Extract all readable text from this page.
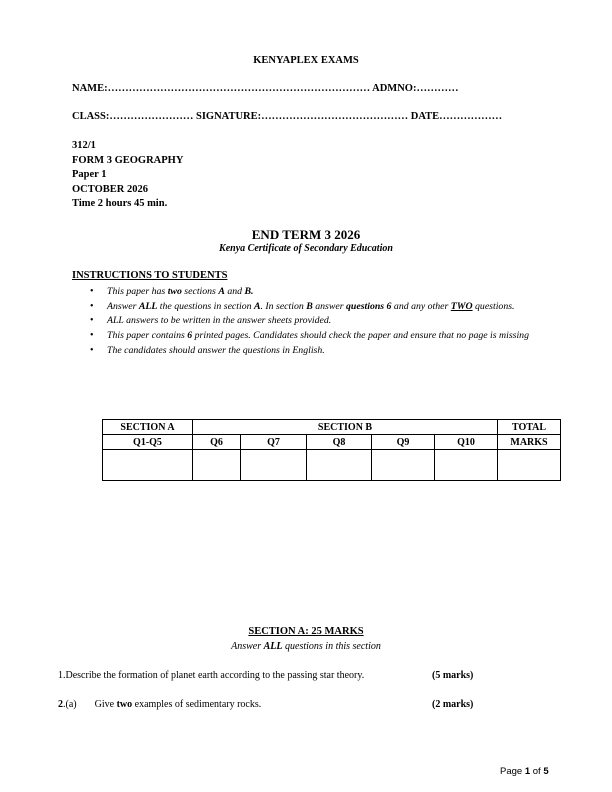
KENYAPLEX EXAMS
NAME:………………………………………………………………… ADMNO:…………
CLASS:…………………… SIGNATURE:…………………………………… DATE………………
312/1
FORM 3 GEOGRAPHY
Paper 1
OCTOBER 2026
Time 2 hours 45 min.
END TERM 3 2026
Kenya Certificate of Secondary Education
INSTRUCTIONS TO STUDENTS
• This paper has two sections A and B.
• Answer ALL the questions in section A. In section B answer questions 6 and any other TWO questions.
• ALL answers to be written in the answer sheets provided.
• This paper contains 6 printed pages. Candidates should check the paper and ensure that no page is missing
• The candidates should answer the questions in English.
SECTION A	SECTION B					TOTAL
Q1-Q5	Q6	Q7	Q8	Q9	Q10	MARKS

SECTION A: 25 MARKS
Answer ALL questions in this section
1.Describe the formation of planet earth according to the passing star theory.	(5 marks)
2.(a) Give two examples of sedimentary rocks.	(2 marks)
Page 1 of 5
